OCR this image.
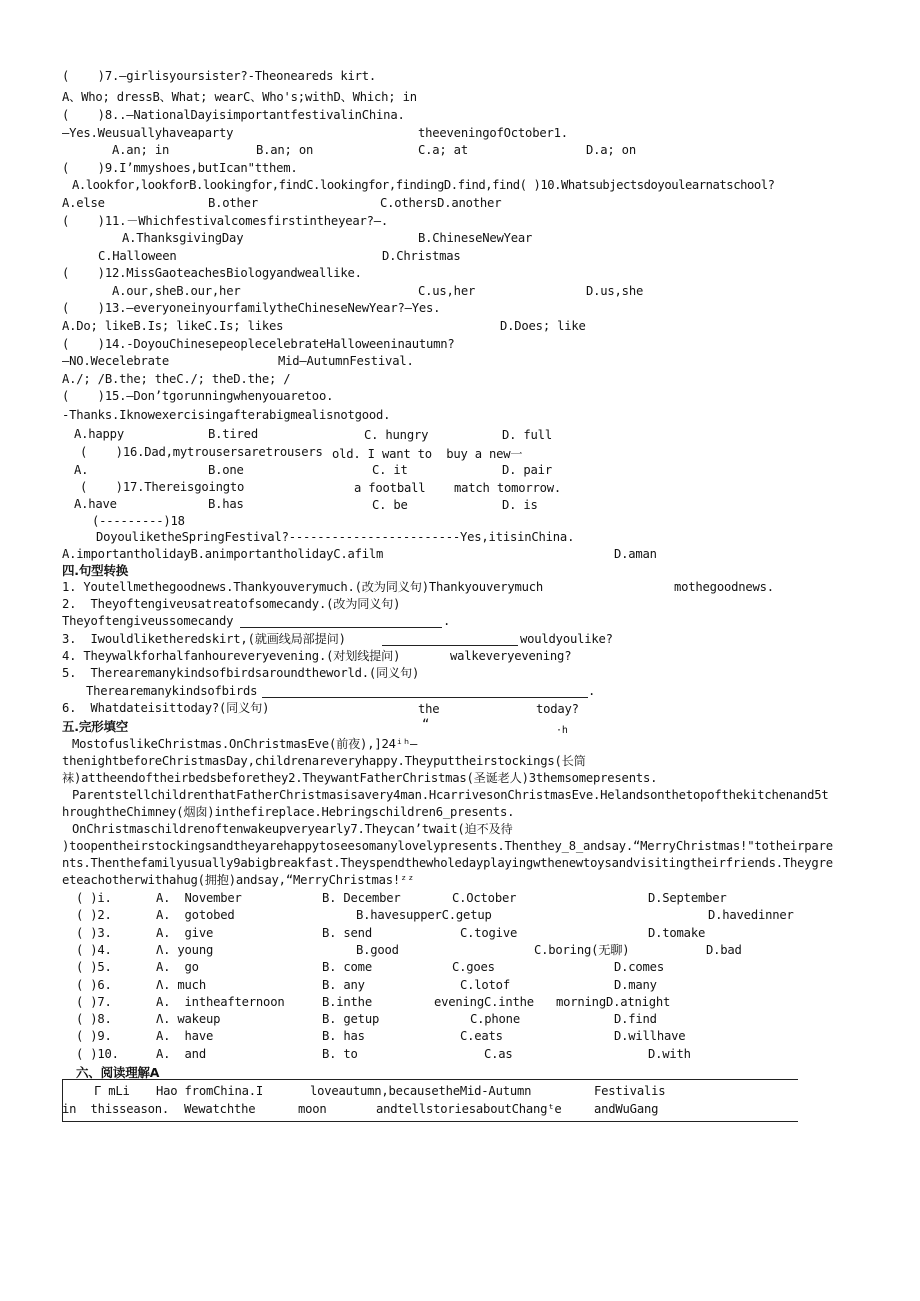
(    )7.—girlisyoursister?-Theoneareds kirt.
A、Who; dressB、What; wearC、Who's;withD、Which; in
(    )8..—NationalDayisimportantfestivalinChina.
—Yes.Weusuallyhaveaparty	theeveningofOctober1.
A.an; in	B.an; on	C.a; at	D.a; on
(    )9.I’mmyshoes,butIcan"tthem.
A.lookfor,lookforB.lookingfor,findC.lookingfor,findingD.find,find( )10.Whatsubjectsdoyoulearnatschool?
A.else	B.other	C.othersD.another
(    )11.－Whichfestivalcomesfirstintheyear?—.
A.ThanksgivingDay	B.ChineseNewYear
C.Halloween	D.Christmas
(    )12.MissGaoteachesBiologyandweallike.
A.our,sheB.our,her	C.us,her	D.us,she
(    )13.—everyoneinyourfamilytheChineseNewYear?—Yes.
A.Do; likeB.Is; likeC.Is; likes	D.Does; like
(    )14.-DoyouChinesepeoplecelebrateHalloweeninautumn?
—NO.Wecelebrate	Mid—AutumnFestival.
A./; /B.the; theC./; theD.the; /
(    )15.—Don’tgorunningwhenyouaretoo.
-Thanks.Iknowexercisingafterabigmealisnotgood.
A.happy	B.tired	C. hungry	D. full
(    )16.Dad,mytrousersaretrousers old. I want to  buy a new一
A.	B.one	C. it	D. pair
(    )17.Thereisgoingto	a football match tomorrow.
A.have	B.has	C. be	D. is
(---------)18
DoyouliketheSpringFestival?------------------------Yes,itisinChina.
A.importantholidayB.animportantholidayC.afilm	D.aman
四.句型转换
1. Youtellmethegoodnews.Thankyouverymuch.(改为同义句)Thankyouverymuch	mothegoodnews.
2.  Theyoftengiveυsatreatofsomecandy.(改为同义句)
Theyoftengiveussomecandy	.
3.  Iwouldliketheredskirt,(就画线局部提问)	wouldyoulike?
4. Theywalkforhalfanhoureveryevening.(对划线提问)	walkeveryevening?
5.  Therearemanykindsofbirdsaroundtheworld.(同义句)
Therearemanykindsofbirds	.
6.  Whatdateisittoday?(同义句)	the	today?
五.完形填空	“	·h
MostofuslikeChristmas.OnChristmasEve(前夜),]24ⁱʰ—
thenightbeforeChristmasDay,childrenareveryhappy.Theyputtheirstockings(长筒
袜)attheendoftheirbedsbeforethey2.TheywantFatherChristmas(圣诞老人)3themsomepresents.
ParentstellchildrenthatFatherChristmasisavery4man.HcarrivesonChristmasEve.Helandsonthetopofthekitchenand5t
hroughtheChimney(烟囱)inthefireplace.Hebringschildren6_presents.
OnChristmaschildrenoftenwakeupveryearly7.Theycan’twait(迫不及待
)toopentheirstockingsandtheyarehappytoseesomanylovelypresents.Thenthey_8_andsay.“MerryChristmas!"totheirpare
nts.Thenthefamilyusually9abigbreakfast.Theyspendthewholedayplayingwthenewtoysandvisitingtheirfriends.Theygre
eteachotherwithahug(拥抱)andsay,“MerryChristmas!ᶻᶻ
( )i.	A.  November	B. December	C.October	D.September
( )2.	A.  gotobed	B.havesupperC.getup	D.havedinner
( )3.	A.  give	B. send	C.togive	D.tomake
( )4.	Λ. young	B.good	C.boring(无聊)	D.bad
( )5.	A.  go	B. come	C.goes	D.comes
( )6.	Λ. much	B. any	C.lotof	D.many
( )7.	A.  intheafternoon	B.inthe	eveningC.inthe morningD.atnight
( )8.	Λ. wakeup	B. getup	C.phone	D.find
( )9.	A.  have	B. has	C.eats	D.willhave
( )10.	A.  and	B. to	C.as	D.with
六、阅读理解A
Γ mLi Hao fromChina.I	loveautumn,becausetheMid-Autumn	Festivalis
in  thisseason. Wewatchthe	moon	andtellstoriesaboutChangᵗe	andWuGang
